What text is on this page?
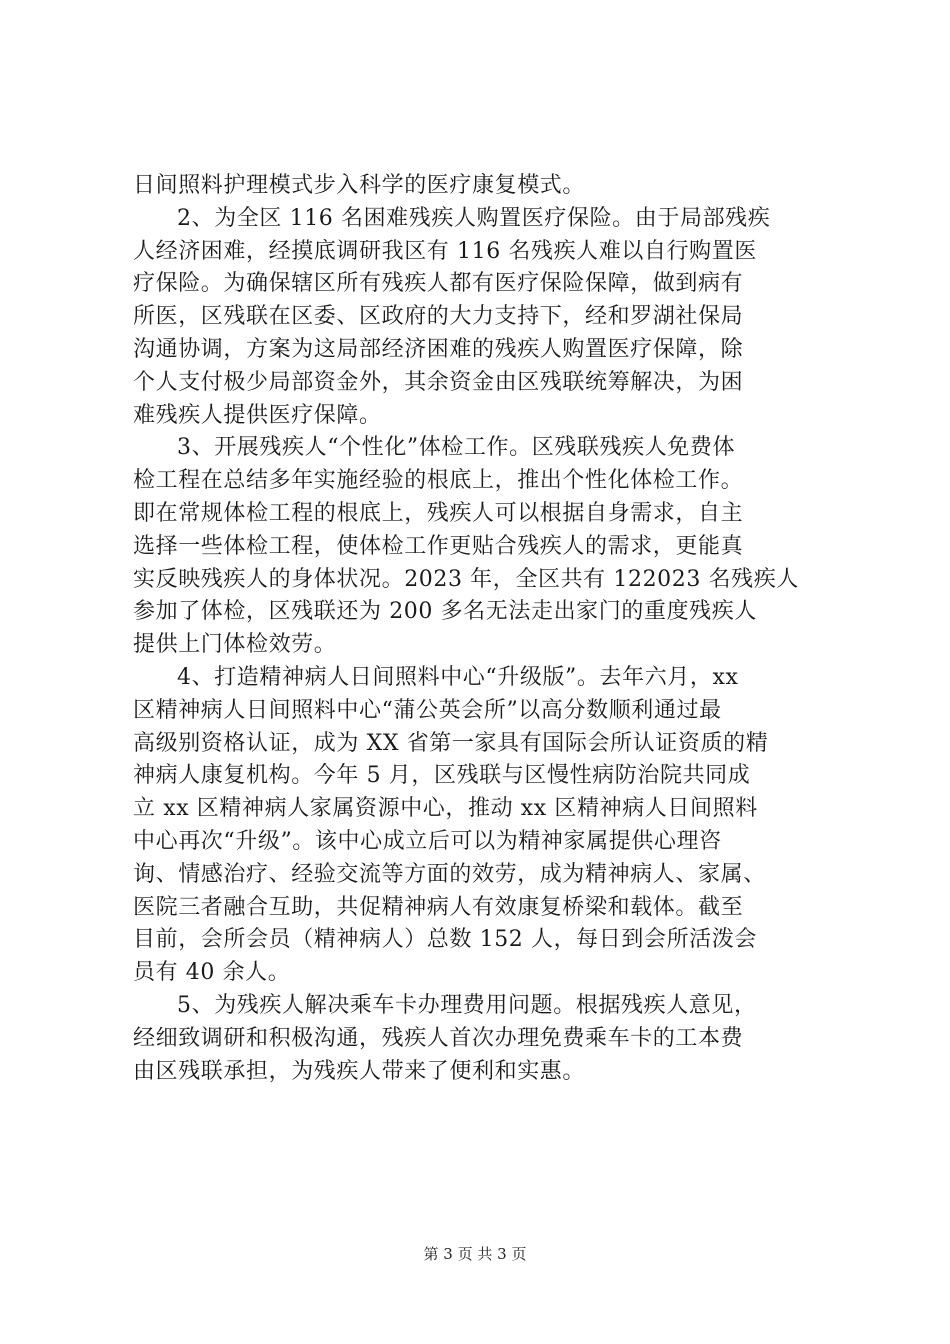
日间照料护理模式步入科学的医疗康复模式。
2、为全区 116 名困难残疾人购置医疗保险。由于局部残疾
人经济困难，经摸底调研我区有 116 名残疾人难以自行购置医
疗保险。为确保辖区所有残疾人都有医疗保险保障，做到病有
所医，区残联在区委、区政府的大力支持下，经和罗湖社保局
沟通协调，方案为这局部经济困难的残疾人购置医疗保障，除
个人支付极少局部资金外，其余资金由区残联统筹解决，为困
难残疾人提供医疗保障。
3、开展残疾人“个性化”体检工作。区残联残疾人免费体
检工程在总结多年实施经验的根底上，推出个性化体检工作。
即在常规体检工程的根底上，残疾人可以根据自身需求，自主
选择一些体检工程，使体检工作更贴合残疾人的需求，更能真
实反映残疾人的身体状况。2023 年，全区共有 122023 名残疾人
参加了体检，区残联还为 200 多名无法走出家门的重度残疾人
提供上门体检效劳。
4、打造精神病人日间照料中心“升级版”。去年六月，xx
区精神病人日间照料中心“蒲公英会所”以高分数顺利通过最
高级别资格认证，成为 XX 省第一家具有国际会所认证资质的精
神病人康复机构。今年 5 月，区残联与区慢性病防治院共同成
立 xx 区精神病人家属资源中心，推动 xx 区精神病人日间照料
中心再次“升级”。该中心成立后可以为精神家属提供心理咨
询、情感治疗、经验交流等方面的效劳，成为精神病人、家属、
医院三者融合互助，共促精神病人有效康复桥梁和载体。截至
目前，会所会员（精神病人）总数 152 人，每日到会所活泼会
员有 40 余人。
5、为残疾人解决乘车卡办理费用问题。根据残疾人意见，
经细致调研和积极沟通，残疾人首次办理免费乘车卡的工本费
由区残联承担，为残疾人带来了便利和实惠。
第 3 页 共 3 页
